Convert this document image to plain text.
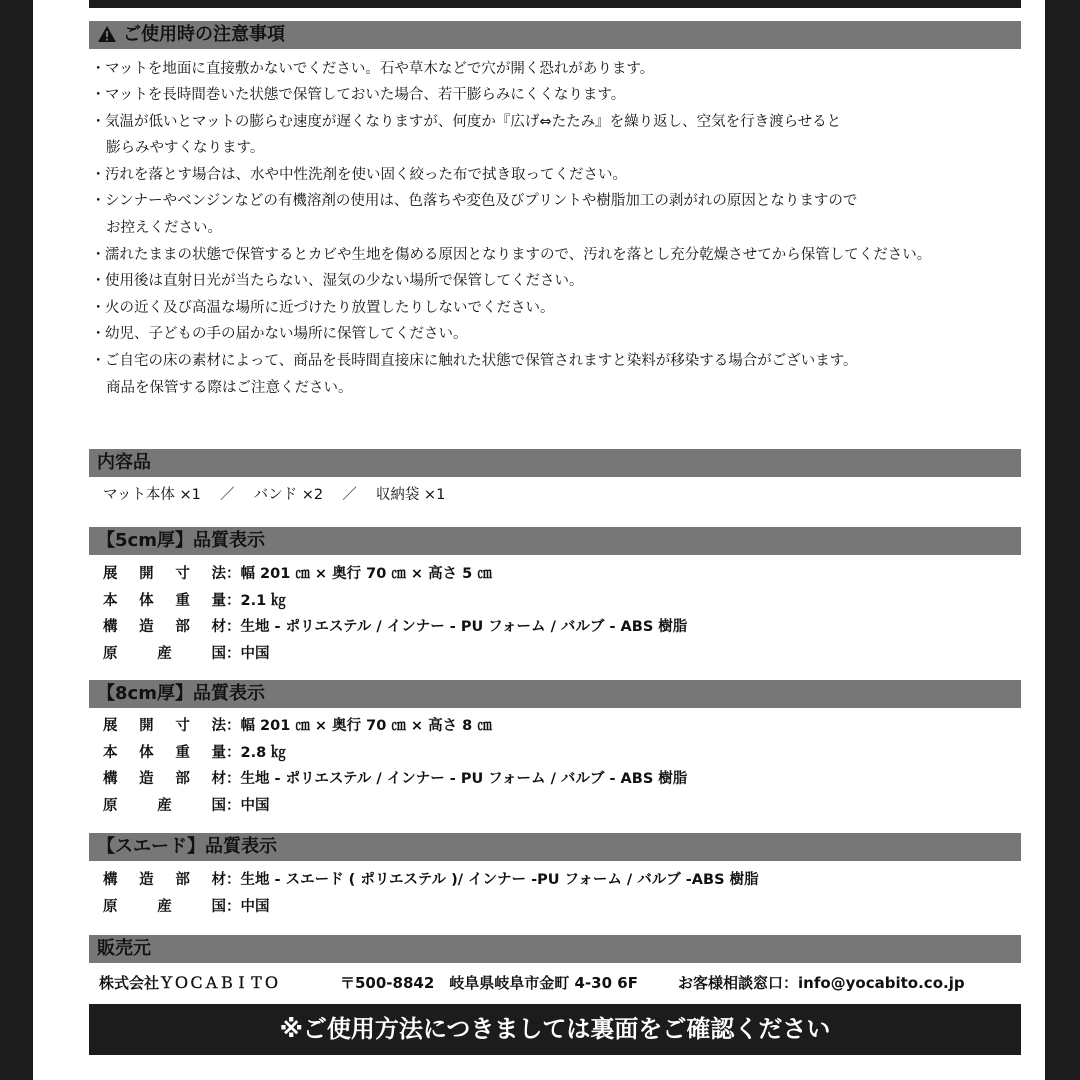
ご使用時の注意事項
・マットを地面に直接敷かないでください。石や草木などで穴が開く恐れがあります。
・マットを長時間巻いた状態で保管しておいた場合、若干膨らみにくくなります。
・気温が低いとマットの膨らむ速度が遅くなりますが、何度か『広げ⇔たたみ』を繰り返し、空気を行き渡らせると
膨らみやすくなります。
・汚れを落とす場合は、水や中性洗剤を使い固く絞った布で拭き取ってください。
・シンナーやベンジンなどの有機溶剤の使用は、色落ちや変色及びプリントや樹脂加工の剥がれの原因となりますので
お控えください。
・濡れたままの状態で保管するとカビや生地を傷める原因となりますので、汚れを落とし充分乾燥させてから保管してください。
・使用後は直射日光が当たらない、湿気の少ない場所で保管してください。
・火の近く及び高温な場所に近づけたり放置したりしないでください。
・幼児、子どもの手の届かない場所に保管してください。
・ご自宅の床の素材によって、商品を長時間直接床に触れた状態で保管されますと染料が移染する場合がございます。
商品を保管する際はご注意ください。
内容品
マット本体 ×1　 ／　 バンド ×2　 ／　 収納袋 ×1
【5cm厚】品質表示
展開寸法：幅 201 ㎝ × 奥行 70 ㎝ × 高さ 5 ㎝
本体重量：2.1 ㎏
構造部材：生地 - ポリエステル / インナー - PU フォーム / バルブ - ABS 樹脂
原産国：中国
【8cm厚】品質表示
展開寸法：幅 201 ㎝ × 奥行 70 ㎝ × 高さ 8 ㎝
本体重量：2.8 ㎏
構造部材：生地 - ポリエステル / インナー - PU フォーム / バルブ - ABS 樹脂
原産国：中国
【スエード】品質表示
構造部材：生地 - スエード ( ポリエステル )/ インナー -PU フォーム / バルブ -ABS 樹脂
原産国：中国
販売元
株式会社ＹＯＣＡＢＩＴＯ	〒500-8842　岐阜県岐阜市金町 4-30 6F	お客様相談窓口：info@yocabito.co.jp
※ご使用方法につきましては裏面をご確認ください
